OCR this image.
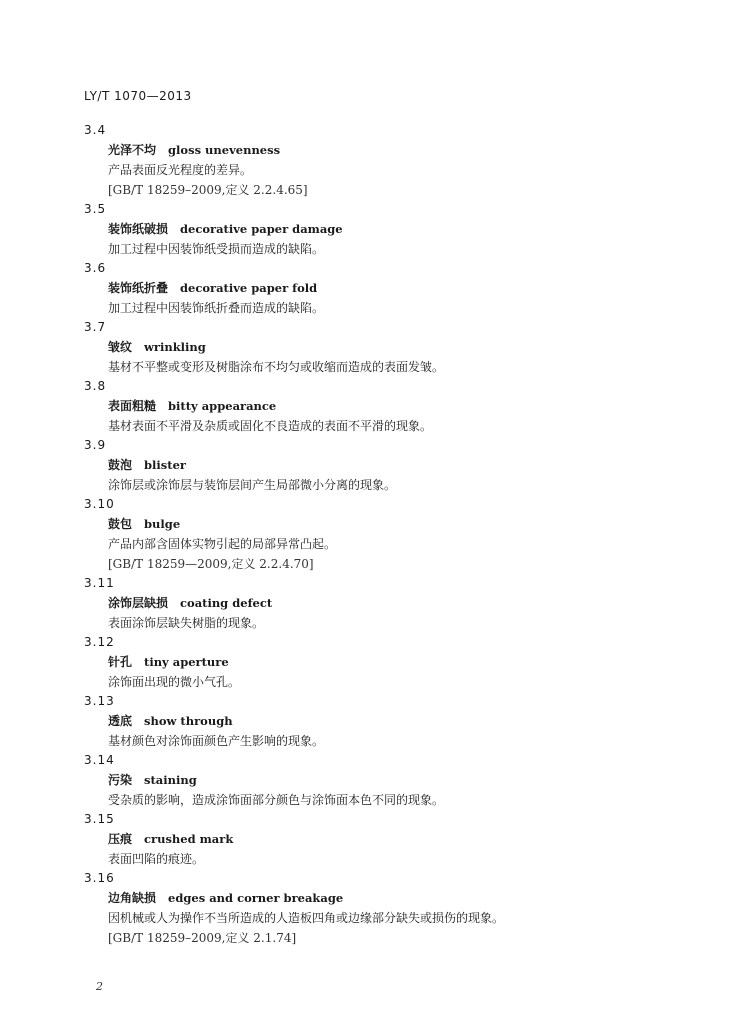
LY/T 1070—2013
3.4
光泽不均 gloss unevenness
产品表面反光程度的差异。
[GB/T 18259–2009,定义 2.2.4.65]
3.5
装饰纸破损 decorative paper damage
加工过程中因装饰纸受损而造成的缺陷。
3.6
装饰纸折叠 decorative paper fold
加工过程中因装饰纸折叠而造成的缺陷。
3.7
皱纹 wrinkling
基材不平整或变形及树脂涂布不均匀或收缩而造成的表面发皱。
3.8
表面粗糙 bitty appearance
基材表面不平滑及杂质或固化不良造成的表面不平滑的现象。
3.9
鼓泡 blister
涂饰层或涂饰层与装饰层间产生局部微小分离的现象。
3.10
鼓包 bulge
产品内部含固体实物引起的局部异常凸起。
[GB/T 18259—2009,定义 2.2.4.70]
3.11
涂饰层缺损 coating defect
表面涂饰层缺失树脂的现象。
3.12
针孔 tiny aperture
涂饰面出现的微小气孔。
3.13
透底 show through
基材颜色对涂饰面颜色产生影响的现象。
3.14
污染 staining
受杂质的影响，造成涂饰面部分颜色与涂饰面本色不同的现象。
3.15
压痕 crushed mark
表面凹陷的痕迹。
3.16
边角缺损 edges and corner breakage
因机械或人为操作不当所造成的人造板四角或边缘部分缺失或损伤的现象。
[GB/T 18259–2009,定义 2.1.74]
2
